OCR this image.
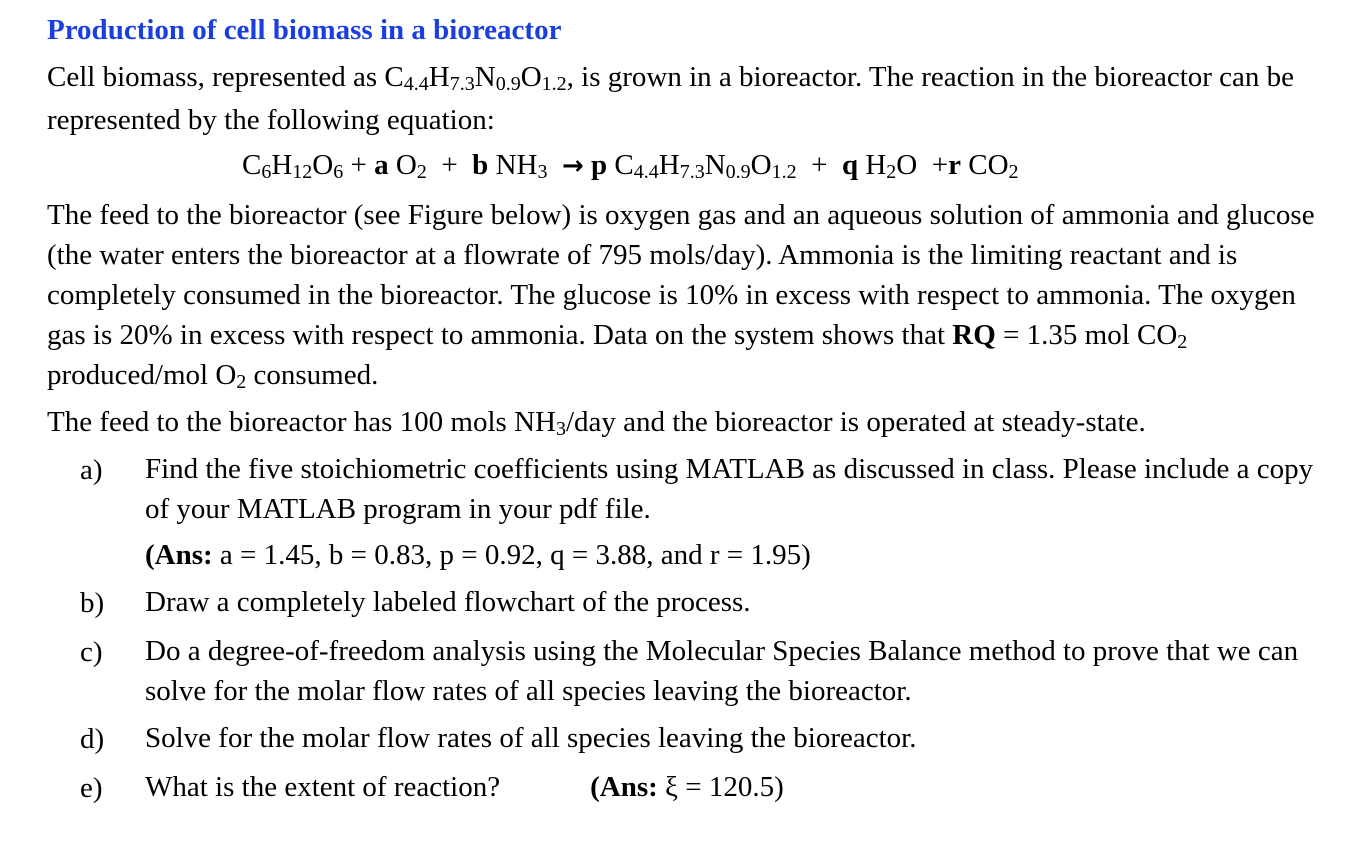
Production of cell biomass in a bioreactor

Cell biomass, represented as $C_{4.4}H_{7.3}N_{0.9}O_{1.2}$, is grown in a bioreactor. The reaction in the bioreactor can be represented by the following equation:

$C_6H_{12}O_6 + a$ $O_2 + b$ $NH_3 \to p$ $C_{4.4}H_{7.3}N_{0.9}O_{1.2} + q$ $H_2O +r$ $CO_2$

The feed to the bioreactor (see Figure below) is oxygen gas and an aqueous solution of ammonia and glucose (the water enters the bioreactor at a flowrate of 795 mols/day). Ammonia is the limiting reactant and is completely consumed in the bioreactor. The glucose is 10% in excess with respect to ammonia. The oxygen gas is 20% in excess with respect to ammonia. Data on the system shows that RQ = 1.35 mol $CO_2$ produced/mol $O_2$ consumed.

The feed to the bioreactor has 100 mols $NH_3$/day and the bioreactor is operated at steady-state.

a)	Find the five stoichiometric coefficients using MATLAB as discussed in class. Please include a copy of your MATLAB program in your pdf file.
(Ans: a = 1.45, b = 0.83, p = 0.92, q = 3.88, and r = 1.95)
b)	Draw a completely labeled flowchart of the process.
c)	Do a degree-of-freedom analysis using the Molecular Species Balance method to prove that we can solve for the molar flow rates of all species leaving the bioreactor.
d)	Solve for the molar flow rates of all species leaving the bioreactor.
e)	What is the extent of reaction?	(Ans: ξ = 120.5)
